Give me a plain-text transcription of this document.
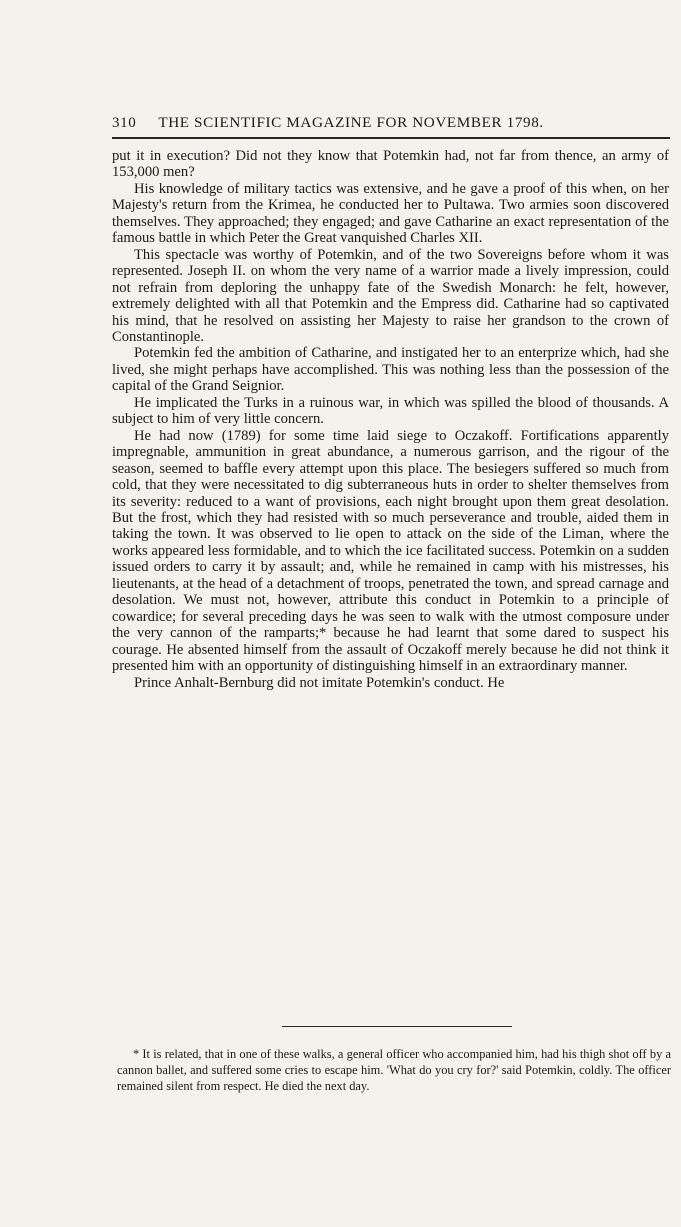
310 THE SCIENTIFIC MAGAZINE FOR NOVEMBER 1798.

put it in execution? Did not they know that Potemkin had, not far from thence, an army of 153,000 men?

His knowledge of military tactics was extensive, and he gave a proof of this when, on her Majesty's return from the Krimea, he conducted her to Pultawa. Two armies soon discovered themselves. They approached; they engaged; and gave Catharine an exact representation of the famous battle in which Peter the Great vanquished Charles XII.

This spectacle was worthy of Potemkin, and of the two Sovereigns before whom it was represented. Joseph II. on whom the very name of a warrior made a lively impression, could not refrain from deploring the unhappy fate of the Swedish Monarch: he felt, however, extremely delighted with all that Potemkin and the Empress did. Catharine had so captivated his mind, that he resolved on assisting her Majesty to raise her grandson to the crown of Constantinople.

Potemkin fed the ambition of Catharine, and instigated her to an enterprize which, had she lived, she might perhaps have accomplished. This was nothing less than the possession of the capital of the Grand Seignior.

He implicated the Turks in a ruinous war, in which was spilled the blood of thousands. A subject to him of very little concern.

He had now (1789) for some time laid siege to Oczakoff. Fortifications apparently impregnable, ammunition in great abundance, a numerous garrison, and the rigour of the season, seemed to baffle every attempt upon this place. The besiegers suffered so much from cold, that they were necessitated to dig subterraneous huts in order to shelter themselves from its severity: reduced to a want of provisions, each night brought upon them great desolation. But the frost, which they had resisted with so much perseverance and trouble, aided them in taking the town. It was observed to lie open to attack on the side of the Liman, where the works appeared less formidable, and to which the ice facilitated success. Potemkin on a sudden issued orders to carry it by assault; and, while he remained in camp with his mistresses, his lieutenants, at the head of a detachment of troops, penetrated the town, and spread carnage and desolation. We must not, however, attribute this conduct in Potemkin to a principle of cowardice; for several preceding days he was seen to walk with the utmost composure under the very cannon of the ramparts;* because he had learnt that some dared to suspect his courage. He absented himself from the assault of Oczakoff merely because he did not think it presented him with an opportunity of distinguishing himself in an extraordinary manner.

Prince Anhalt-Bernburg did not imitate Potemkin's conduct. He

* It is related, that in one of these walks, a general officer who accompanied him, had his thigh shot off by a cannon ballet, and suffered some cries to escape him. 'What do you cry for?' said Potemkin, coldly. The officer remained silent from respect. He died the next day.
